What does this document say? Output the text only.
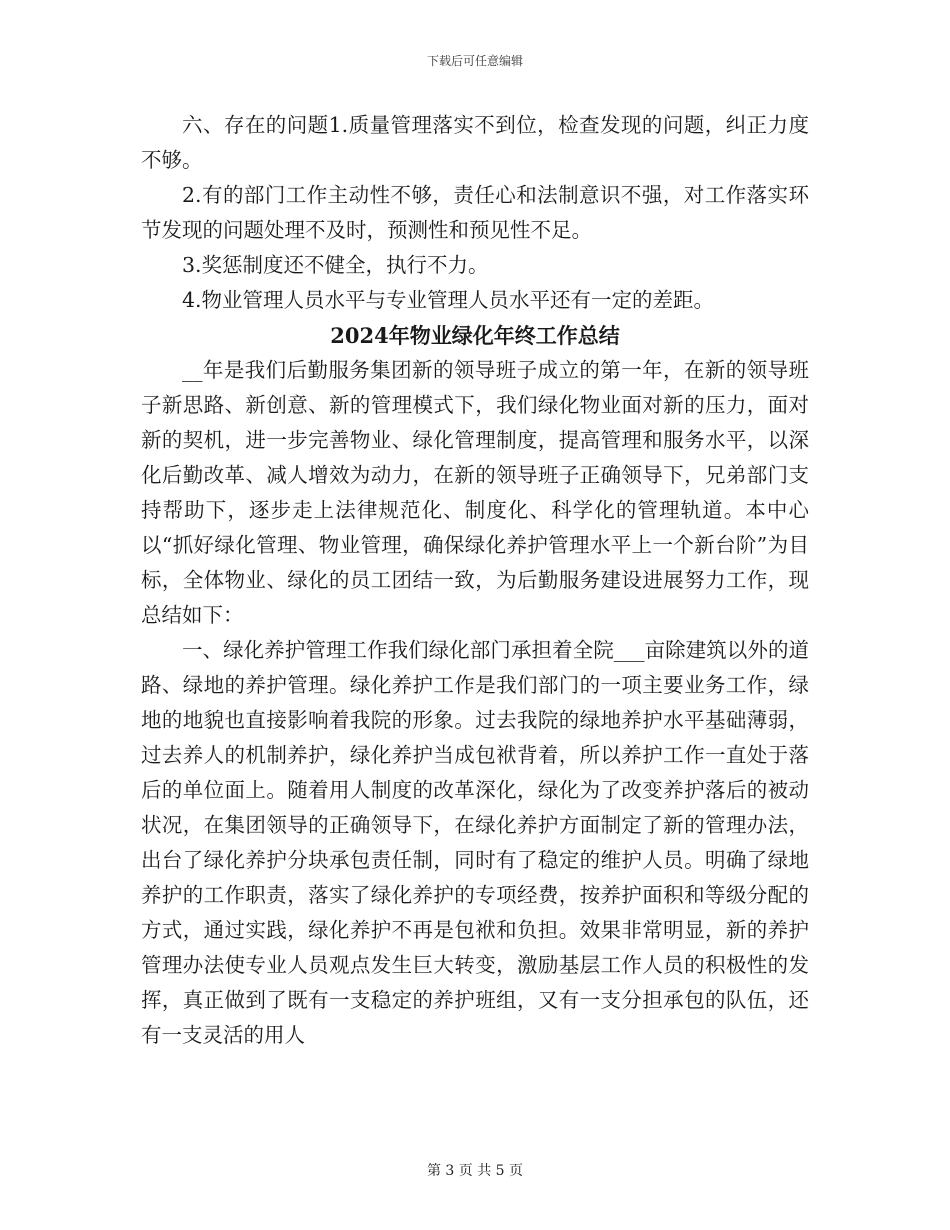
下载后可任意编辑

六、存在的问题1.质量管理落实不到位，检查发现的问题，纠正力度不够。

2.有的部门工作主动性不够，责任心和法制意识不强，对工作落实环节发现的问题处理不及时，预测性和预见性不足。

3.奖惩制度还不健全，执行不力。

4.物业管理人员水平与专业管理人员水平还有一定的差距。

2024年物业绿化年终工作总结

__年是我们后勤服务集团新的领导班子成立的第一年，在新的领导班子新思路、新创意、新的管理模式下，我们绿化物业面对新的压力，面对新的契机，进一步完善物业、绿化管理制度，提高管理和服务水平，以深化后勤改革、减人增效为动力，在新的领导班子正确领导下，兄弟部门支持帮助下，逐步走上法律规范化、制度化、科学化的管理轨道。本中心以“抓好绿化管理、物业管理，确保绿化养护管理水平上一个新台阶”为目标，全体物业、绿化的员工团结一致，为后勤服务建设进展努力工作，现总结如下：

一、绿化养护管理工作我们绿化部门承担着全院___亩除建筑以外的道路、绿地的养护管理。绿化养护工作是我们部门的一项主要业务工作，绿地的地貌也直接影响着我院的形象。过去我院的绿地养护水平基础薄弱，过去养人的机制养护，绿化养护当成包袱背着，所以养护工作一直处于落后的单位面上。随着用人制度的改革深化，绿化为了改变养护落后的被动状况，在集团领导的正确领导下，在绿化养护方面制定了新的管理办法，出台了绿化养护分块承包责任制，同时有了稳定的维护人员。明确了绿地养护的工作职责，落实了绿化养护的专项经费，按养护面积和等级分配的方式，通过实践，绿化养护不再是包袱和负担。效果非常明显，新的养护管理办法使专业人员观点发生巨大转变，激励基层工作人员的积极性的发挥，真正做到了既有一支稳定的养护班组，又有一支分担承包的队伍，还有一支灵活的用人

第 3 页 共 5 页
